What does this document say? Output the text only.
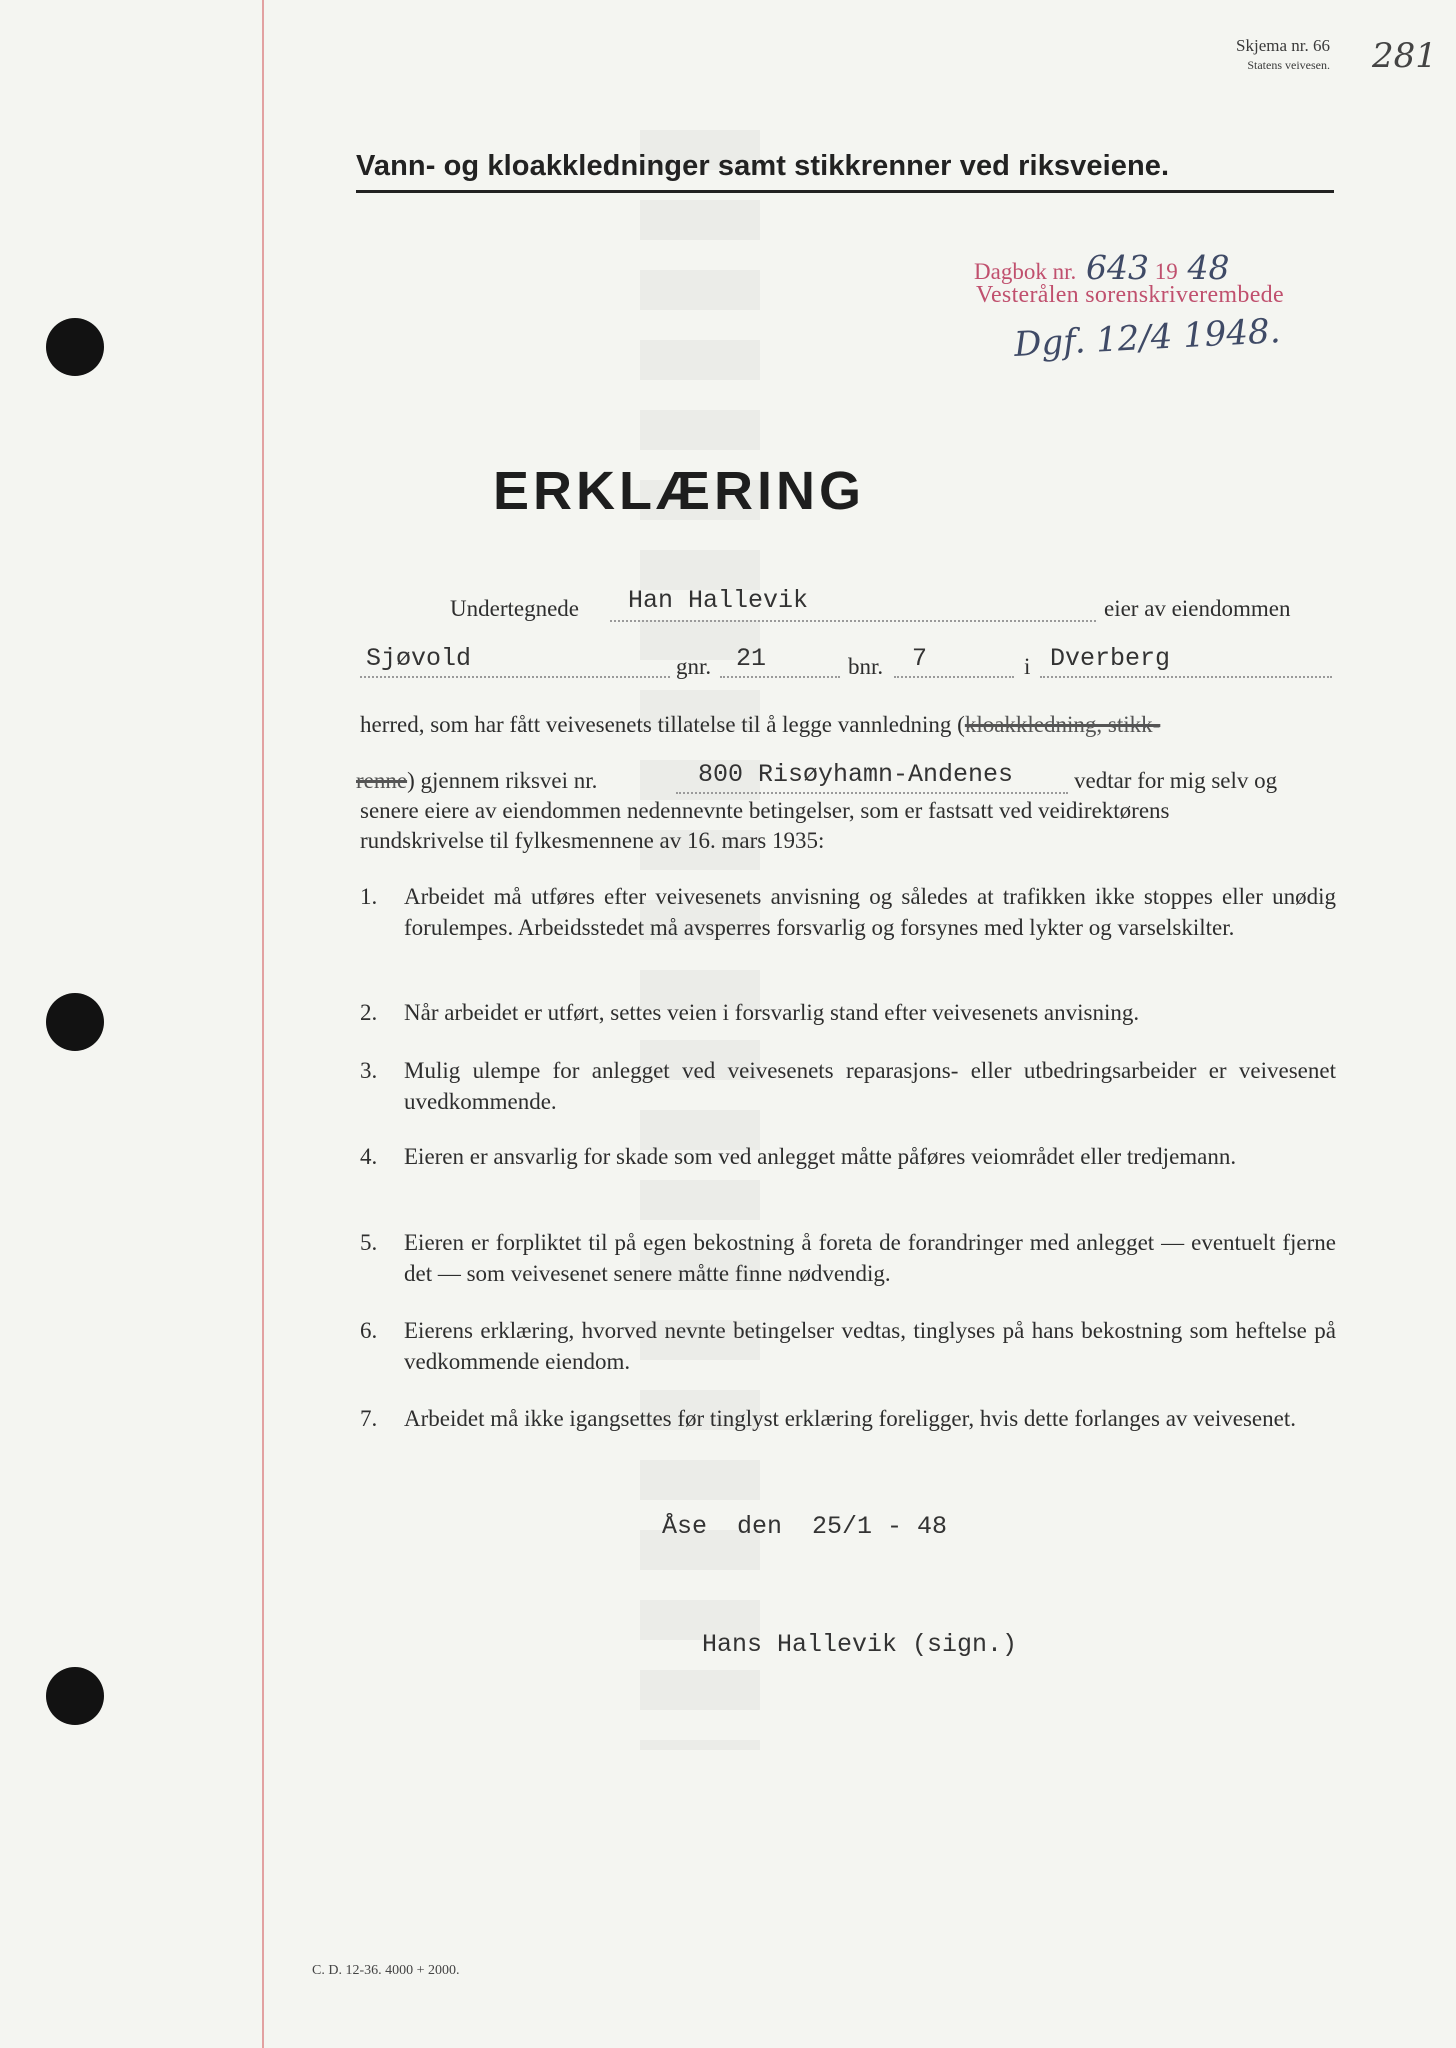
Skjema nr. 66
Statens veivesen. 281
Vann- og kloakkledninger samt stikkrenner ved riksveiene.
Dagbok nr. 643 19 48
Vesterålen sorenskriverembede
Dgf. 12/4 1948.
ERKLÆRING
Undertegnede Han Hallevik	eier av eiendommen
Sjøvold	gnr. 21	bnr. 7	i Dverberg
herred, som har fått veivesenets tillatelse til å legge vannledning (kloakkledning, stikk-
renne) gjennem riksvei nr.	800 Risøyhamn-Andenes	vedtar for mig selv og
senere eiere av eiendommen nedennevnte betingelser, som er fastsatt ved veidirektørens
rundskrivelse til fylkesmennene av 16. mars 1935:
1. Arbeidet må utføres efter veivesenets anvisning og således at trafikken ikke stoppes eller unødig forulempes. Arbeidsstedet må avsperres forsvarlig og forsynes med lykter og varselskilter.
2. Når arbeidet er utført, settes veien i forsvarlig stand efter veivesenets anvisning.
3. Mulig ulempe for anlegget ved veivesenets reparasjons- eller utbedringsarbeider er veivesenet uvedkommende.
4. Eieren er ansvarlig for skade som ved anlegget måtte påføres veiområdet eller tredjemann.
5. Eieren er forpliktet til på egen bekostning å foreta de forandringer med anlegget — eventuelt fjerne det — som veivesenet senere måtte finne nødvendig.
6. Eierens erklæring, hvorved nevnte betingelser vedtas, tinglyses på hans bekostning som heftelse på vedkommende eiendom.
7. Arbeidet må ikke igangsettes før tinglyst erklæring foreligger, hvis dette forlanges av veivesenet.
Åse  den  25/1 - 48
Hans Hallevik (sign.)
C. D. 12-36. 4000 + 2000.
